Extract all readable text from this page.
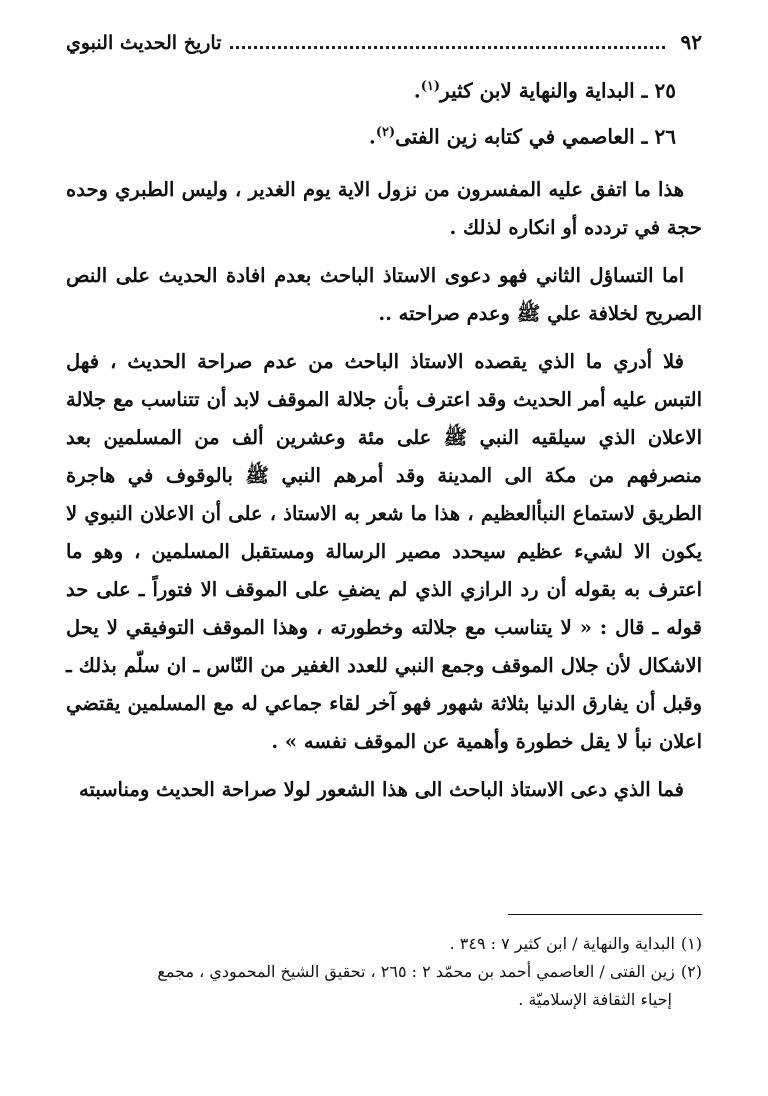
٩٢
تاريخ الحديث النبوي
٢٥ ـ البداية والنهاية لابن كثير$^{(١)}$.
٢٦ ـ العاصمي في كتابه زين الفتى$^{(٢)}$.

هذا ما اتفق عليه المفسرون من نزول الاية يوم الغدير ، وليس الطبري وحده حجة في تردده أو انكاره لذلك .

اما التساؤل الثاني فهو دعوى الاستاذ الباحث بعدم افادة الحديث على النص الصريح لخلافة علي ﷺ وعدم صراحته ..

فلا أدري ما الذي يقصده الاستاذ الباحث من عدم صراحة الحديث ، فهل التبس عليه أمر الحديث وقد اعترف بأن جلالة الموقف لابد أن تتناسب مع جلالة الاعلان الذي سيلقيه النبي ﷺ على مئة وعشرين ألف من المسلمين بعد منصرفهم من مكة الى المدينة وقد أمرهم النبي ﷺ بالوقوف في هاجرة الطريق لاستماع النبأالعظيم ، هذا ما شعر به الاستاذ ، على أن الاعلان النبوي لا يكون الا لشيء عظيم سيحدد مصير الرسالة ومستقبل المسلمين ، وهو ما اعترف به بقوله أن رد الرازي الذي لم يضفِ على الموقف الا فتوراً ـ على حد قوله ـ قال : « لا يتناسب مع جلالته وخطورته ، وهذا الموقف التوفيقي لا يحل الاشكال لأن جلال الموقف وجمع النبي للعدد الغفير من النّاس ـ ان سلّم بذلك ـ وقبل أن يفارق الدنيا بثلاثة شهور فهو آخر لقاء جماعي له مع المسلمين يقتضي اعلان نبأ لا يقل خطورة وأهمية عن الموقف نفسه » .

فما الذي دعى الاستاذ الباحث الى هذا الشعور لولا صراحة الحديث ومناسبته

(١)البداية والنهاية / ابن كثير ٧ : ٣٤٩ .
(٢)زين الفتى / العاصمي أحمد بن محمّد ٢ : ٢٦٥ ، تحقيق الشيخ المحمودي ، مجمع
إحياء الثقافة الإسلاميّة .
